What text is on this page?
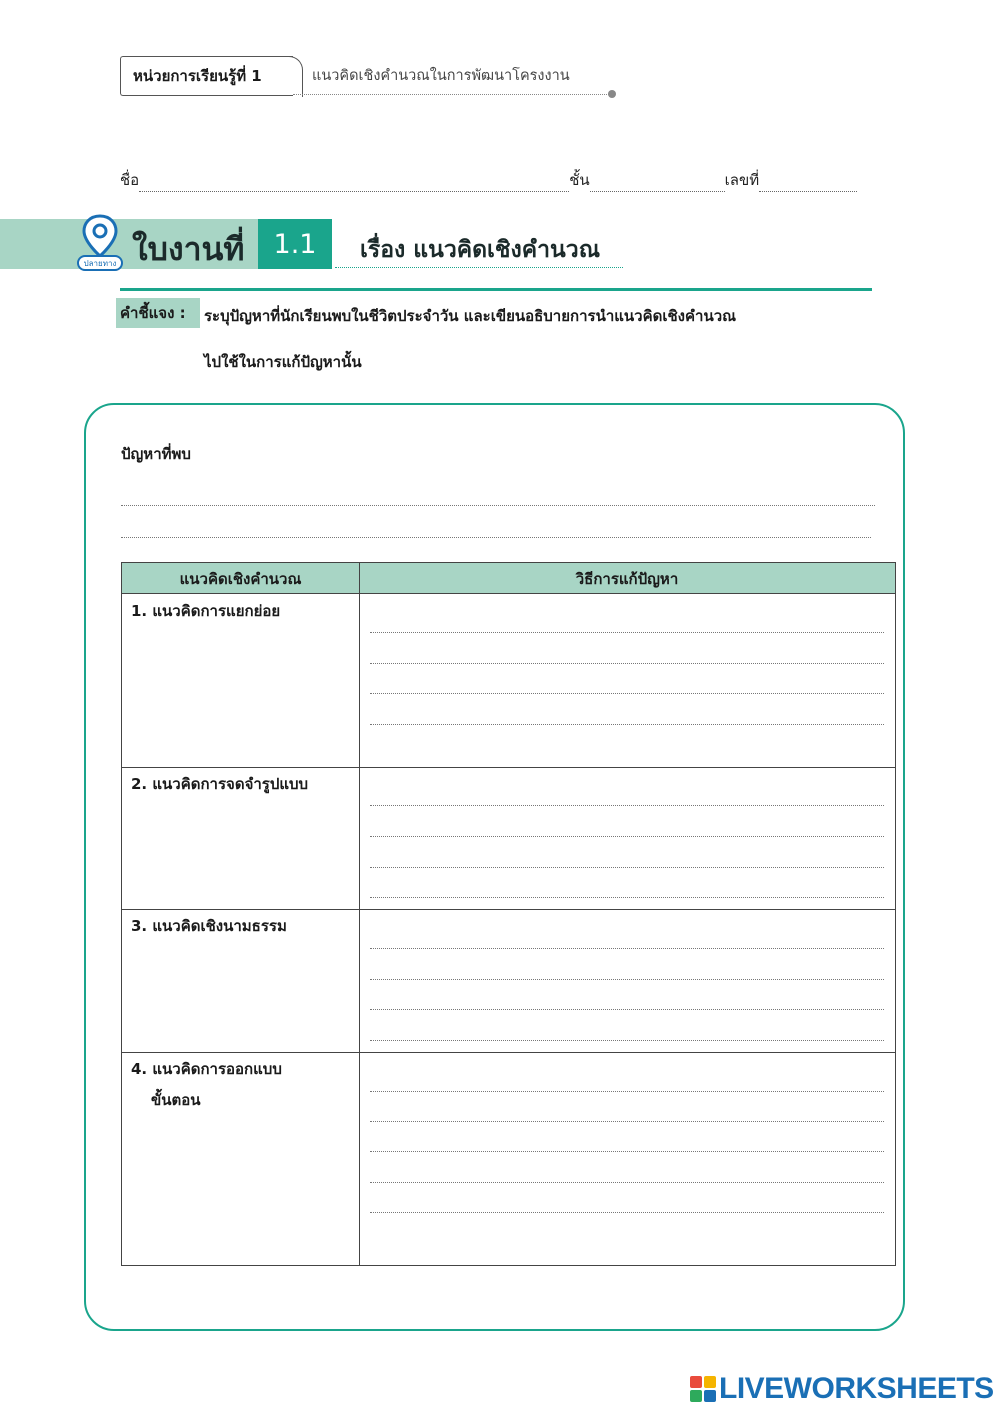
หน่วยการเรียนรู้ที่ 1	แนวคิดเชิงคำนวณในการพัฒนาโครงงาน
ชื่อ	ชั้น	เลขที่
ปลายทาง ใบงานที่ 1.1 เรื่อง แนวคิดเชิงคำนวณ
คำชี้แจง : ระบุปัญหาที่นักเรียนพบในชีวิตประจำวัน และเขียนอธิบายการนำแนวคิดเชิงคำนวณ
ไปใช้ในการแก้ปัญหานั้น
ปัญหาที่พบ
แนวคิดเชิงคำนวณ	วิธีการแก้ปัญหา
1. แนวคิดการแยกย่อย
2. แนวคิดการจดจำรูปแบบ
3. แนวคิดเชิงนามธรรม
4. แนวคิดการออกแบบ
ขั้นตอน
LIVEWORKSHEETS
